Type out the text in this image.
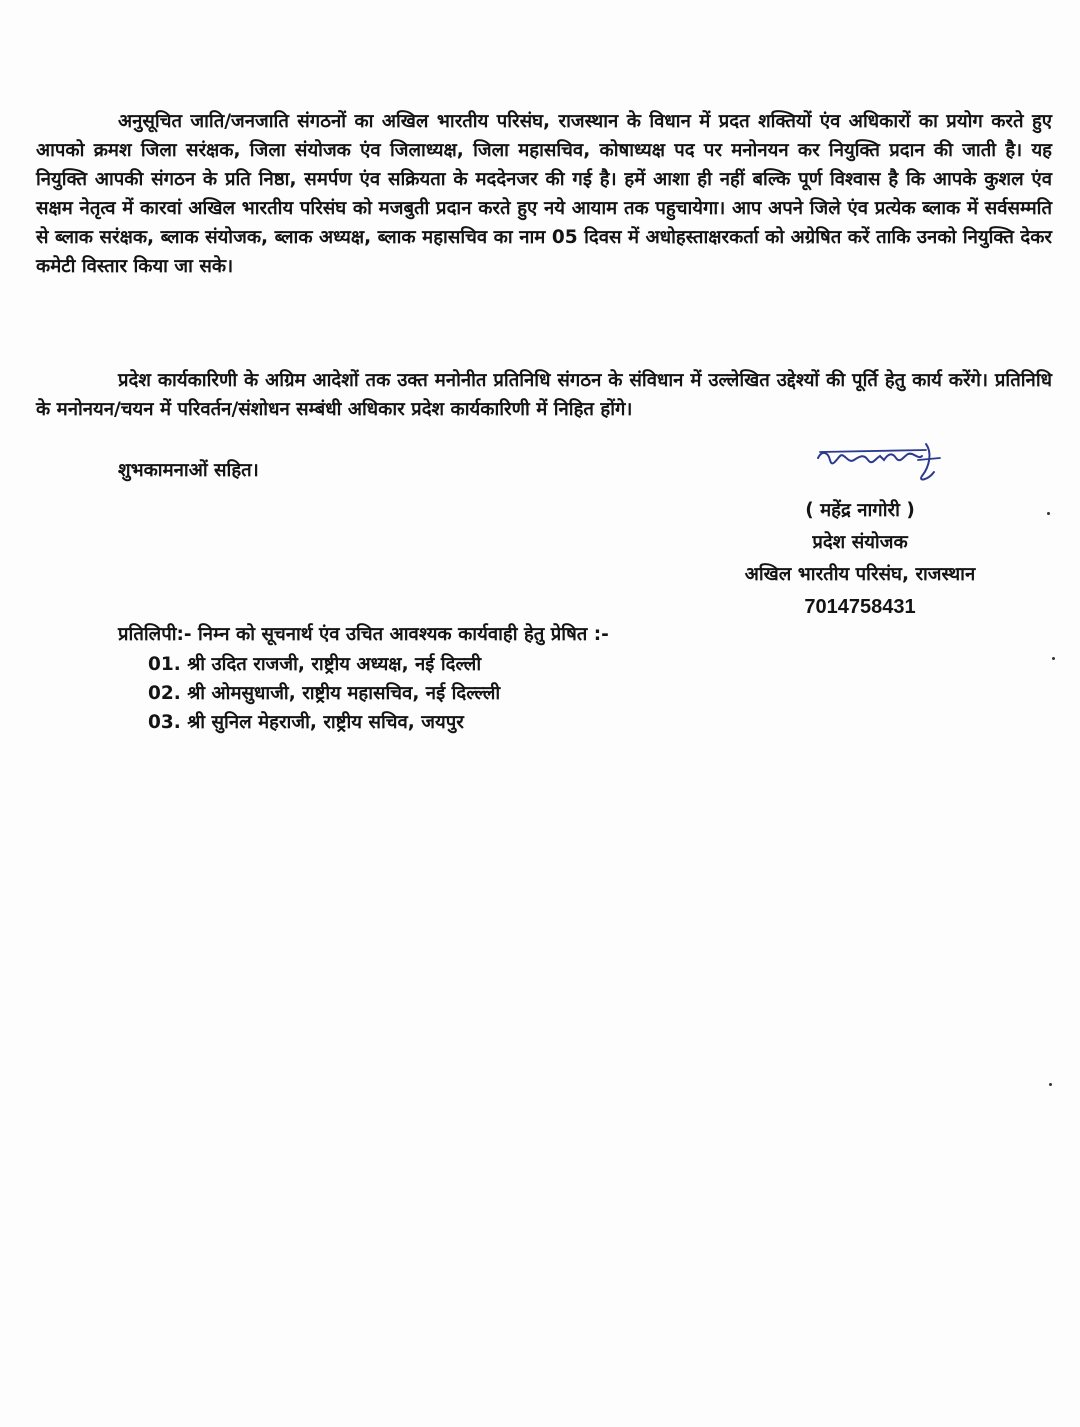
अनुसूचित जाति/जनजाति संगठनों का अखिल भारतीय परिसंघ, राजस्थान के विधान में प्रदत शक्तियों एंव अधिकारों का प्रयोग करते हुए आपको क्रमश जिला सरंक्षक, जिला संयोजक एंव जिलाध्यक्ष, जिला महासचिव, कोषाध्यक्ष पद पर मनोनयन कर नियुक्ति प्रदान की जाती है। यह नियुक्ति आपकी संगठन के प्रति निष्ठा, समर्पण एंव सक्रियता के मददेनजर की गई है। हमें आशा ही नहीं बल्कि पूर्ण विश्वास है कि आपके कुशल एंव सक्षम नेतृत्व में कारवां अखिल भारतीय परिसंघ को मजबुती प्रदान करते हुए नये आयाम तक पहुचायेगा। आप अपने जिले एंव प्रत्येक ब्लाक में सर्वसम्मति से ब्लाक सरंक्षक, ब्लाक संयोजक, ब्लाक अध्यक्ष, ब्लाक महासचिव का नाम 05 दिवस में अधोहस्ताक्षरकर्ता को अग्रेषित करें ताकि उनको नियुक्ति देकर कमेटी विस्तार किया जा सके।

प्रदेश कार्यकारिणी के अग्रिम आदेशों तक उक्त मनोनीत प्रतिनिधि संगठन के संविधान में उल्लेखित उद्देश्यों की पूर्ति हेतु कार्य करेंगे। प्रतिनिधि के मनोनयन/चयन में परिवर्तन/संशोधन सम्बंधी अधिकार प्रदेश कार्यकारिणी में निहित होंगे।

शुभकामनाओं सहित।
( महेंद्र नागोरी )
प्रदेश संयोजक
अखिल भारतीय परिसंघ, राजस्थान
7014758431
प्रतिलिपी:- निम्न को सूचनार्थ एंव उचित आवश्यक कार्यवाही हेतु प्रेषित :-
01. श्री उदित राजजी, राष्ट्रीय अध्यक्ष, नई दिल्ली
02. श्री ओमसुधाजी, राष्ट्रीय महासचिव, नई दिल्ल्ली
03. श्री सुनिल मेहराजी, राष्ट्रीय सचिव, जयपुर
